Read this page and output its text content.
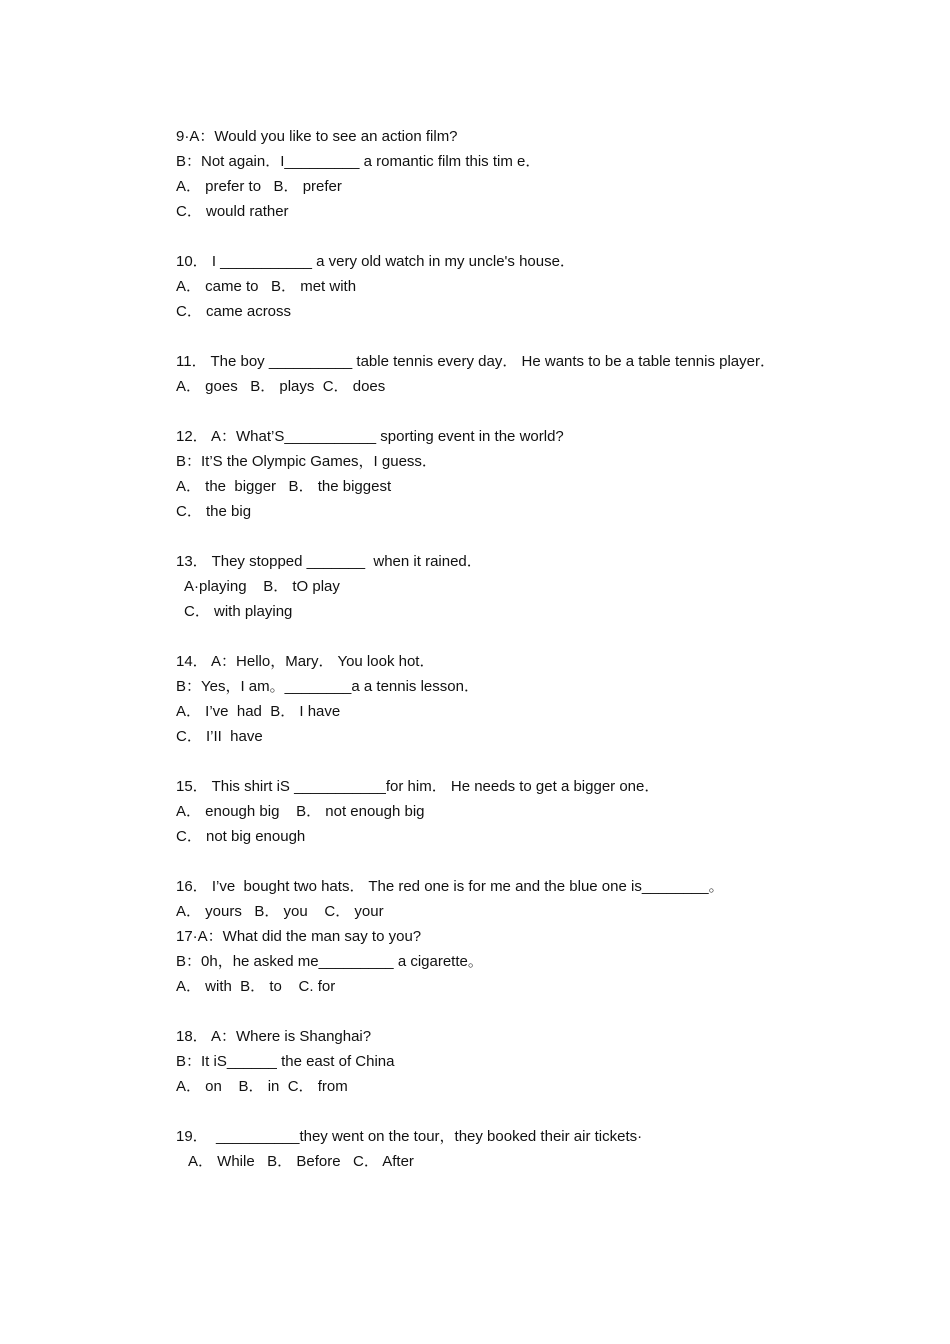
9·A：Would you like to see an action film?
B：Not again．I_________ a romantic film this tim e．
A． prefer to   B． prefer
C． would rather
10． I ___________ a very old watch in my uncle's house．
A． came to   B． met with
C． came across
11． The boy __________ table tennis every day． He wants to be a table tennis player．
A． goes   B． plays  C． does
12． A：What’S___________ sporting event in the world?
B：It’S the Olympic Games，I guess．
A． the  bigger   B． the biggest
C． the big
13． They stopped _______  when it rained．
A·playing    B． tO play
C． with playing
14． A：Hello，Mary． You look hot．
B：Yes，I am。________a a tennis lesson．
A． I’ve  had  B． I have
C． I’II  have
15． This shirt iS ___________for him． He needs to get a bigger one．
A． enough big    B． not enough big
C． not big enough
16． I’ve  bought two hats． The red one is for me and the blue one is________。
A． yours   B． you    C． your
17·A：What did the man say to you?
B：0h，he asked me_________ a cigarette。
A． with  B． to    C. for
18． A：Where is Shanghai?
B：It iS______ the east of China
A． on    B． in  C． from
19．  __________they went on the tour，they booked their air tickets·
A． While   B． Before   C． After
